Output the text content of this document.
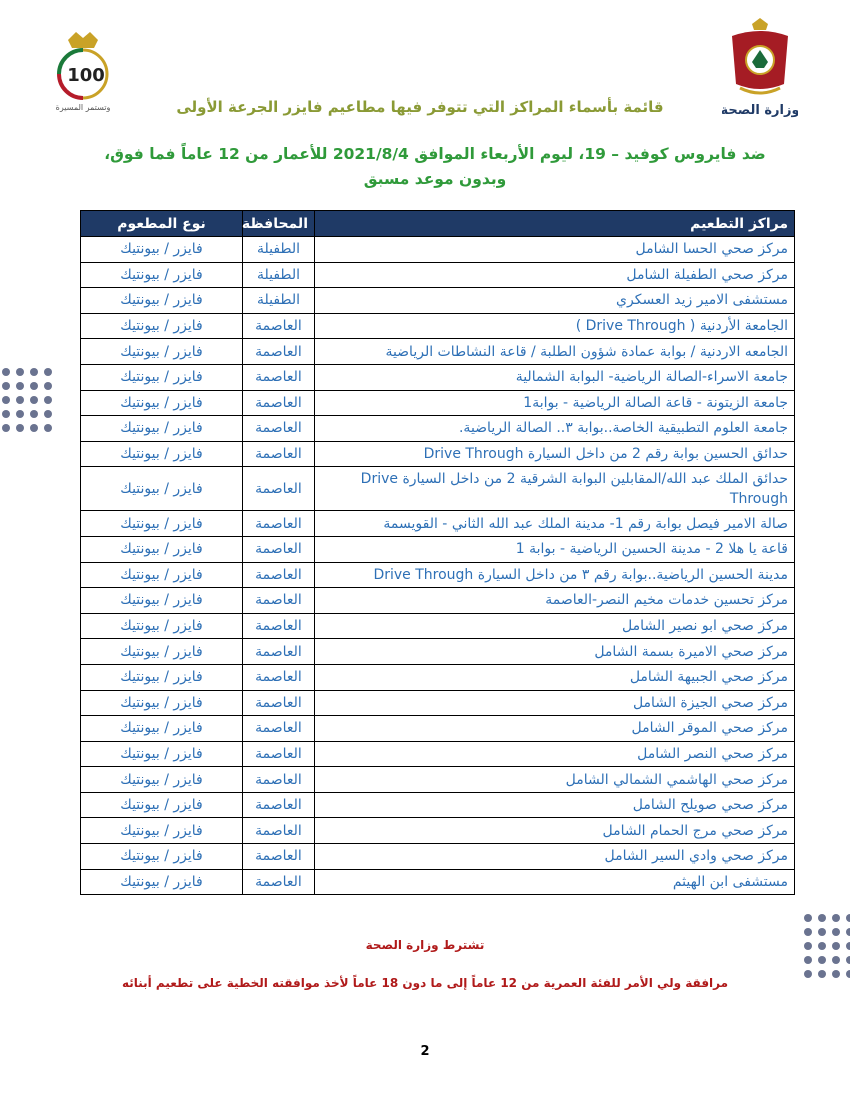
100
وتستمر المسيرة	وزارة الصحة
قائمة بأسماء المراكز التي تتوفر فيها مطاعيم فايزر الجرعة الأولى
ضد فايروس كوفيد – 19، ليوم الأربعاء الموافق 2021/8/4 للأعمار من 12 عاماً فما فوق،
وبدون موعد مسبق
مراكز التطعيم	المحافظة	نوع المطعوم
مركز صحي الحسا الشامل	الطفيلة	فايزر / بيونتيك
مركز صحي الطفيلة الشامل	الطفيلة	فايزر / بيونتيك
مستشفى الامير زيد العسكري	الطفيلة	فايزر / بيونتيك
الجامعة الأردنية ( Drive Through )	العاصمة	فايزر / بيونتيك
الجامعه الاردنية / بوابة عمادة شؤون الطلبة / قاعة النشاطات الرياضية	العاصمة	فايزر / بيونتيك
جامعة الاسراء-الصالة الرياضية- البوابة الشمالية	العاصمة	فايزر / بيونتيك
جامعة الزيتونة - قاعة الصالة الرياضية - بوابة1	العاصمة	فايزر / بيونتيك
جامعة العلوم التطبيقية الخاصة..بوابة ٣.. الصالة الرياضية.	العاصمة	فايزر / بيونتيك
حدائق الحسين بوابة رقم 2 من داخل السيارة Drive Through	العاصمة	فايزر / بيونتيك
حدائق الملك عبد الله/المقابلين البوابة الشرقية 2 من داخل السيارة Drive Through	العاصمة	فايزر / بيونتيك
صالة الامير فيصل بوابة رقم 1- مدينة الملك عبد الله الثاني - القويسمة	العاصمة	فايزر / بيونتيك
قاعة يا هلا 2 - مدينة الحسين الرياضية - بوابة 1	العاصمة	فايزر / بيونتيك
مدينة الحسين الرياضية..بوابة رقم ٣ من داخل السيارة Drive Through	العاصمة	فايزر / بيونتيك
مركز تحسين خدمات مخيم النصر-العاصمة	العاصمة	فايزر / بيونتيك
مركز صحي ابو نصير الشامل	العاصمة	فايزر / بيونتيك
مركز صحي الاميرة بسمة الشامل	العاصمة	فايزر / بيونتيك
مركز صحي الجبيهة الشامل	العاصمة	فايزر / بيونتيك
مركز صحي الجيزة الشامل	العاصمة	فايزر / بيونتيك
مركز صحي الموقر الشامل	العاصمة	فايزر / بيونتيك
مركز صحي النصر الشامل	العاصمة	فايزر / بيونتيك
مركز صحي الهاشمي الشمالي الشامل	العاصمة	فايزر / بيونتيك
مركز صحي صويلح الشامل	العاصمة	فايزر / بيونتيك
مركز صحي مرج الحمام الشامل	العاصمة	فايزر / بيونتيك
مركز صحي وادي السير الشامل	العاصمة	فايزر / بيونتيك
مستشفى ابن الهيثم	العاصمة	فايزر / بيونتيك
تشترط وزارة الصحة
مرافقة ولي الأمر للفئة العمرية من 12 عاماً إلى ما دون 18 عاماً لأخذ موافقته الخطية على تطعيم أبنائه
2
